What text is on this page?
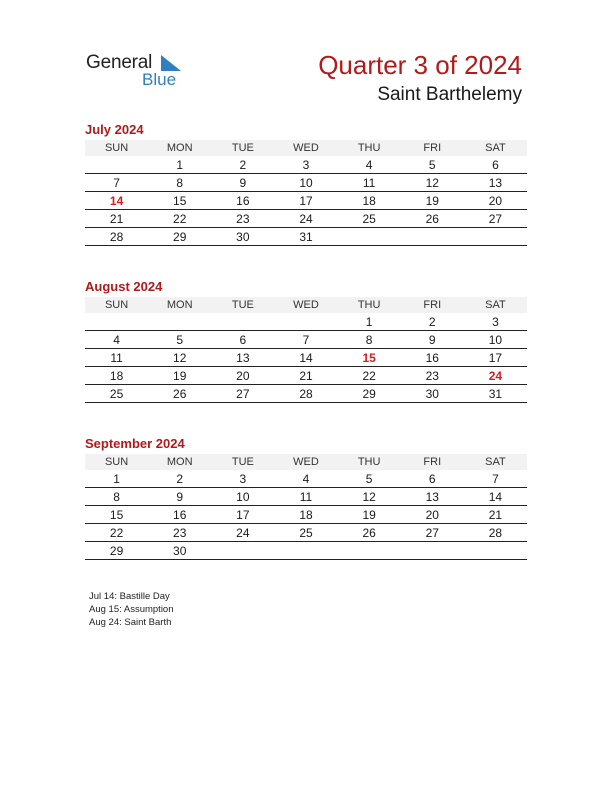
General
Blue	Quarter 3 of 2024
Saint Barthelemy
July 2024
SUN	MON	TUE	WED	THU	FRI	SAT
	1	2	3	4	5	6
7	8	9	10	11	12	13
14	15	16	17	18	19	20
21	22	23	24	25	26	27
28	29	30	31			
August 2024
SUN	MON	TUE	WED	THU	FRI	SAT
				1	2	3
4	5	6	7	8	9	10
11	12	13	14	15	16	17
18	19	20	21	22	23	24
25	26	27	28	29	30	31
September 2024
SUN	MON	TUE	WED	THU	FRI	SAT
1	2	3	4	5	6	7
8	9	10	11	12	13	14
15	16	17	18	19	20	21
22	23	24	25	26	27	28
29	30					
Jul 14: Bastille Day
Aug 15: Assumption
Aug 24: Saint Barth
